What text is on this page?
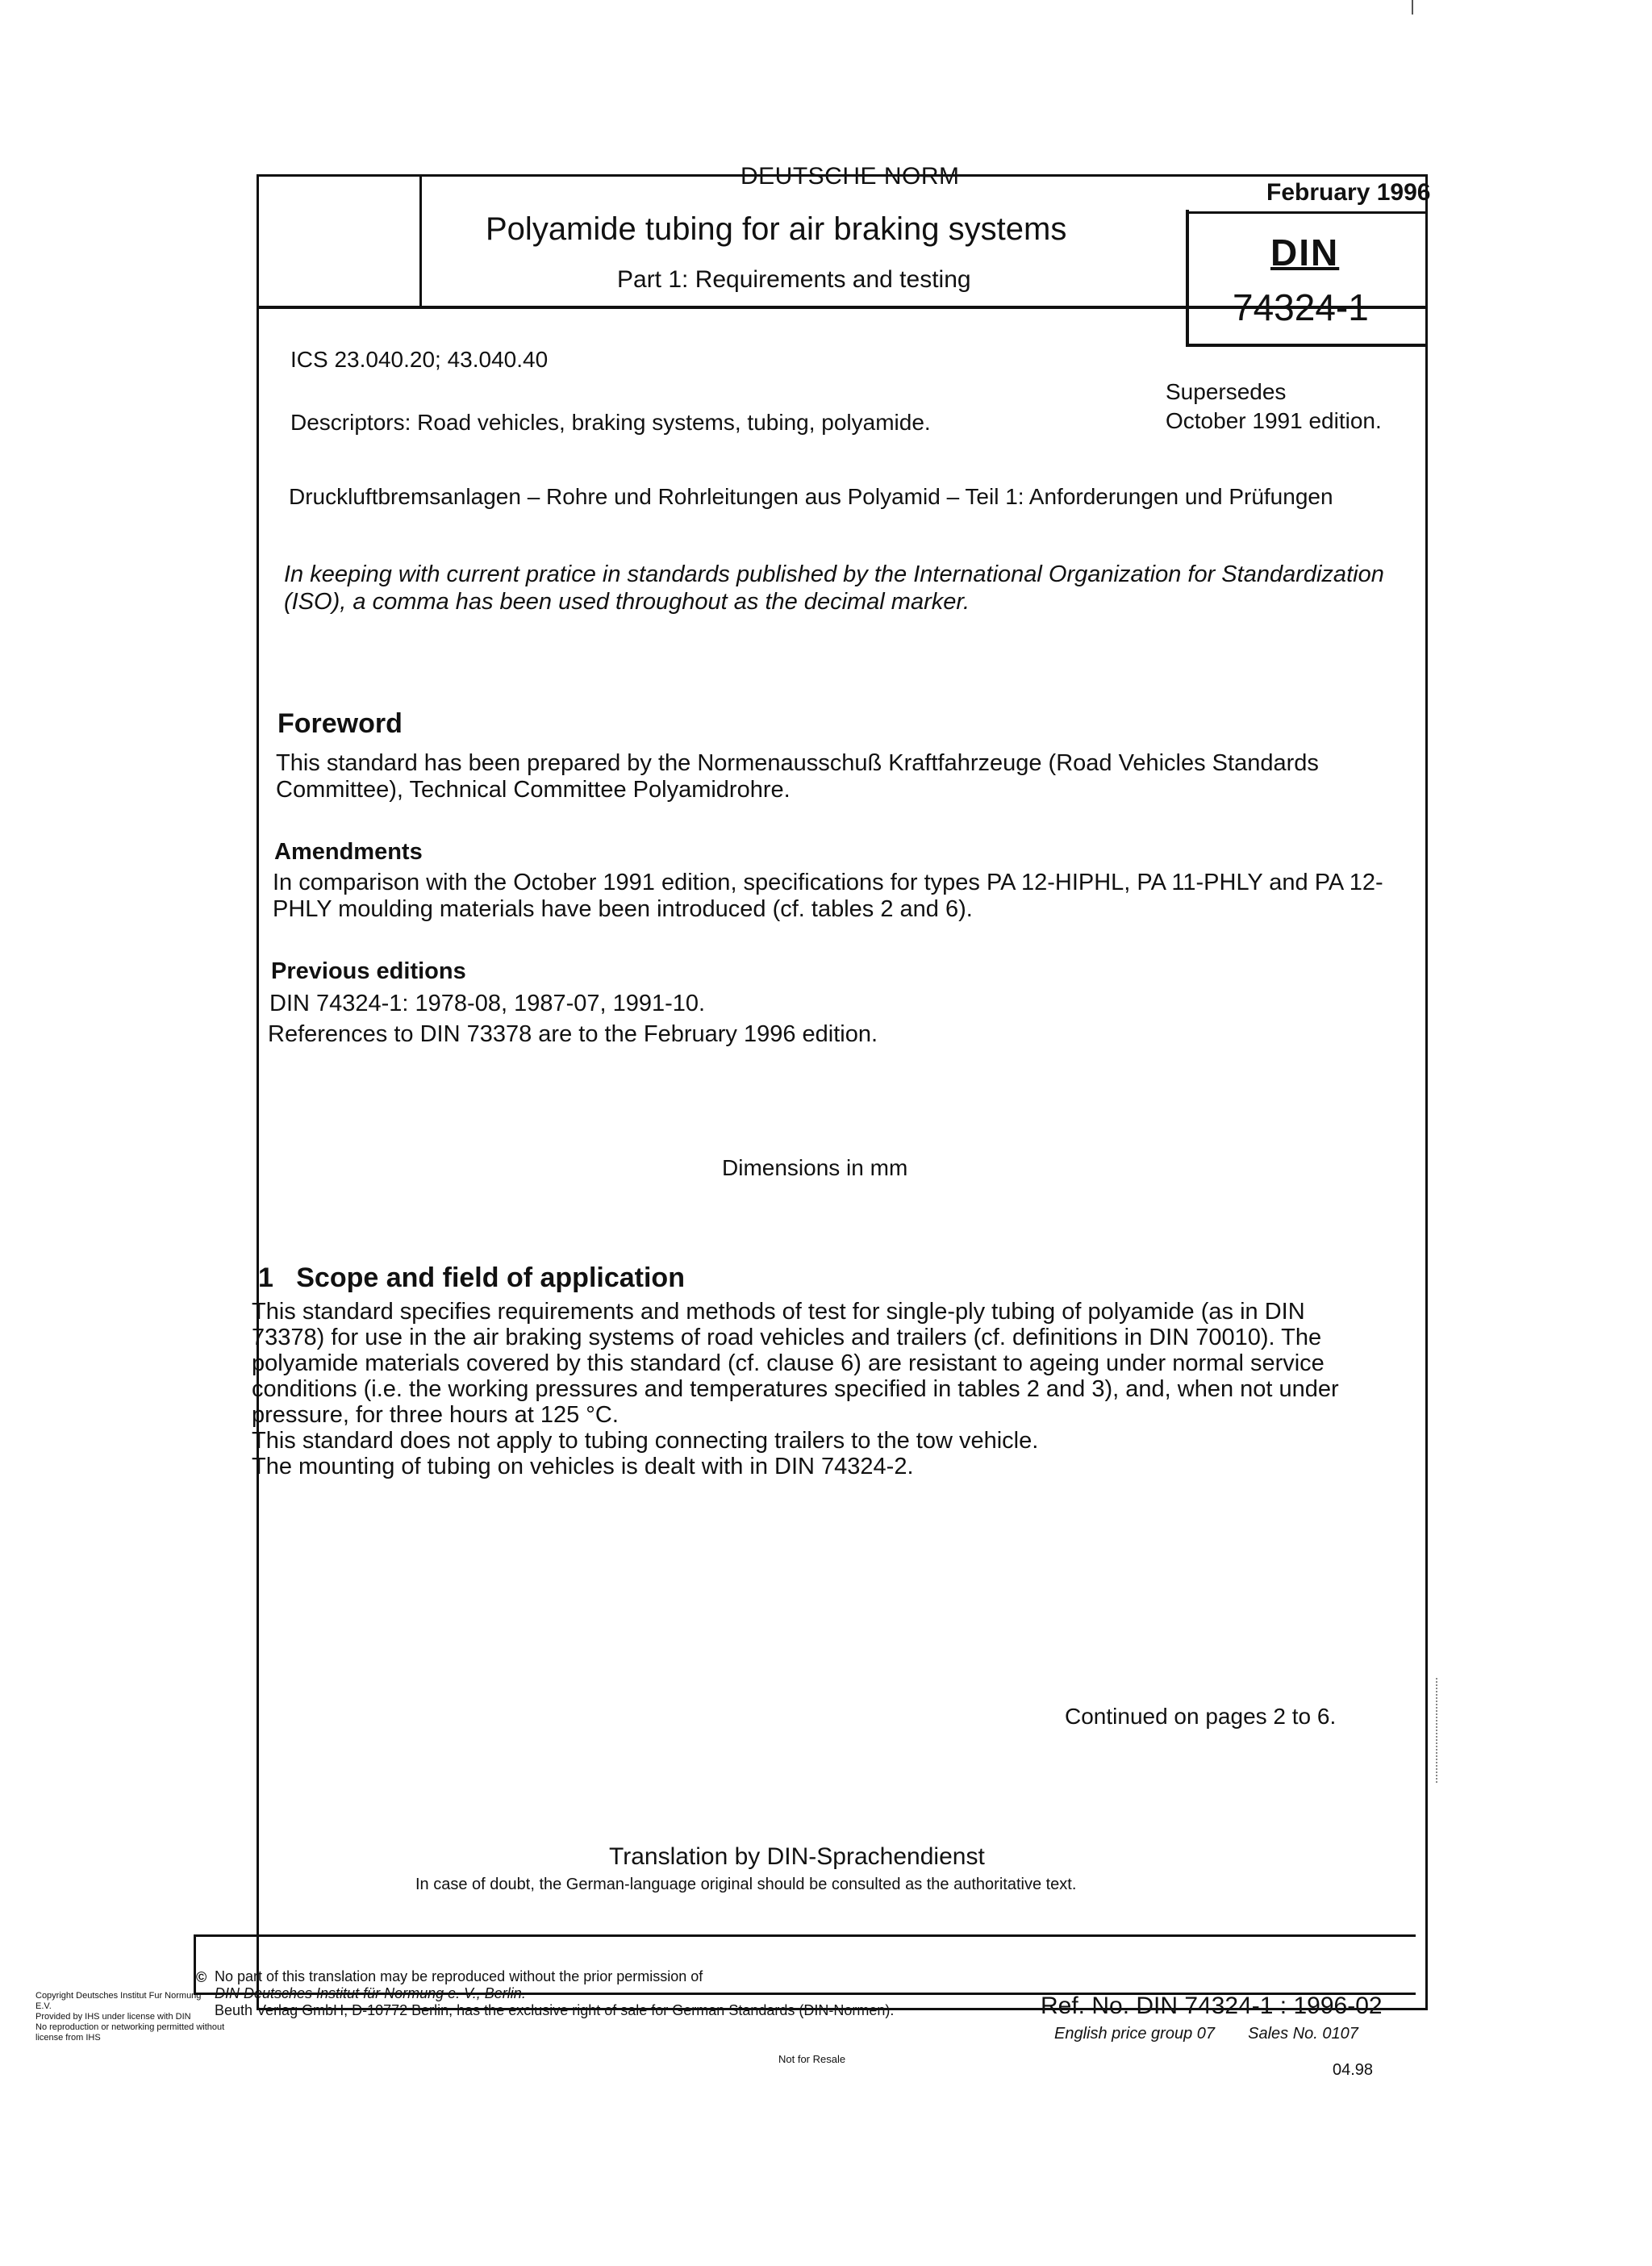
DEUTSCHE NORM
February 1996
Polyamide tubing for air braking systems
Part 1: Requirements and testing
DIN
74324-1
ICS 23.040.20; 43.040.40
Supersedes
October 1991 edition.
Descriptors: Road vehicles, braking systems, tubing, polyamide.
Druckluftbremsanlagen – Rohre und Rohrleitungen aus Polyamid – Teil 1: Anforderungen und Prüfungen
In keeping with current pratice in standards published by the International Organization for Standardization (ISO), a comma has been used throughout as the decimal marker.
Foreword
This standard has been prepared by the Normenausschuß Kraftfahrzeuge (Road Vehicles Standards Committee), Technical Committee Polyamidrohre.
Amendments
In comparison with the October 1991 edition, specifications for types PA 12-HIPHL, PA 11-PHLY and PA 12-PHLY moulding materials have been introduced (cf. tables 2 and 6).
Previous editions
DIN 74324-1: 1978-08, 1987-07, 1991-10.
References to DIN 73378 are to the February 1996 edition.
Dimensions in mm
1   Scope and field of application
This standard specifies requirements and methods of test for single-ply tubing of polyamide (as in DIN 73378) for use in the air braking systems of road vehicles and trailers (cf. definitions in DIN 70010). The polyamide materials covered by this standard (cf. clause 6) are resistant to ageing under normal service conditions (i.e. the working pressures and temperatures specified in tables 2 and 3), and, when not under pressure, for three hours at 125 °C.
This standard does not apply to tubing connecting trailers to the tow vehicle.
The mounting of tubing on vehicles is dealt with in DIN 74324-2.
Continued on pages 2 to 6.
Translation by DIN-Sprachendienst
In case of doubt, the German-language original should be consulted as the authoritative text.
© No part of this translation may be reproduced without the prior permission of
DIN Deutsches Institut für Normung e. V., Berlin.
Beuth Verlag GmbH, D-10772 Berlin, has the exclusive right of sale for German Standards (DIN-Normen).
Copyright Deutsches Institut Fur Normung E.V.
Provided by IHS under license with DIN
No reproduction or networking permitted without license from IHS
Not for Resale
Ref. No. DIN 74324-1 : 1996-02
English price group 07 Sales No. 0107
04.98
